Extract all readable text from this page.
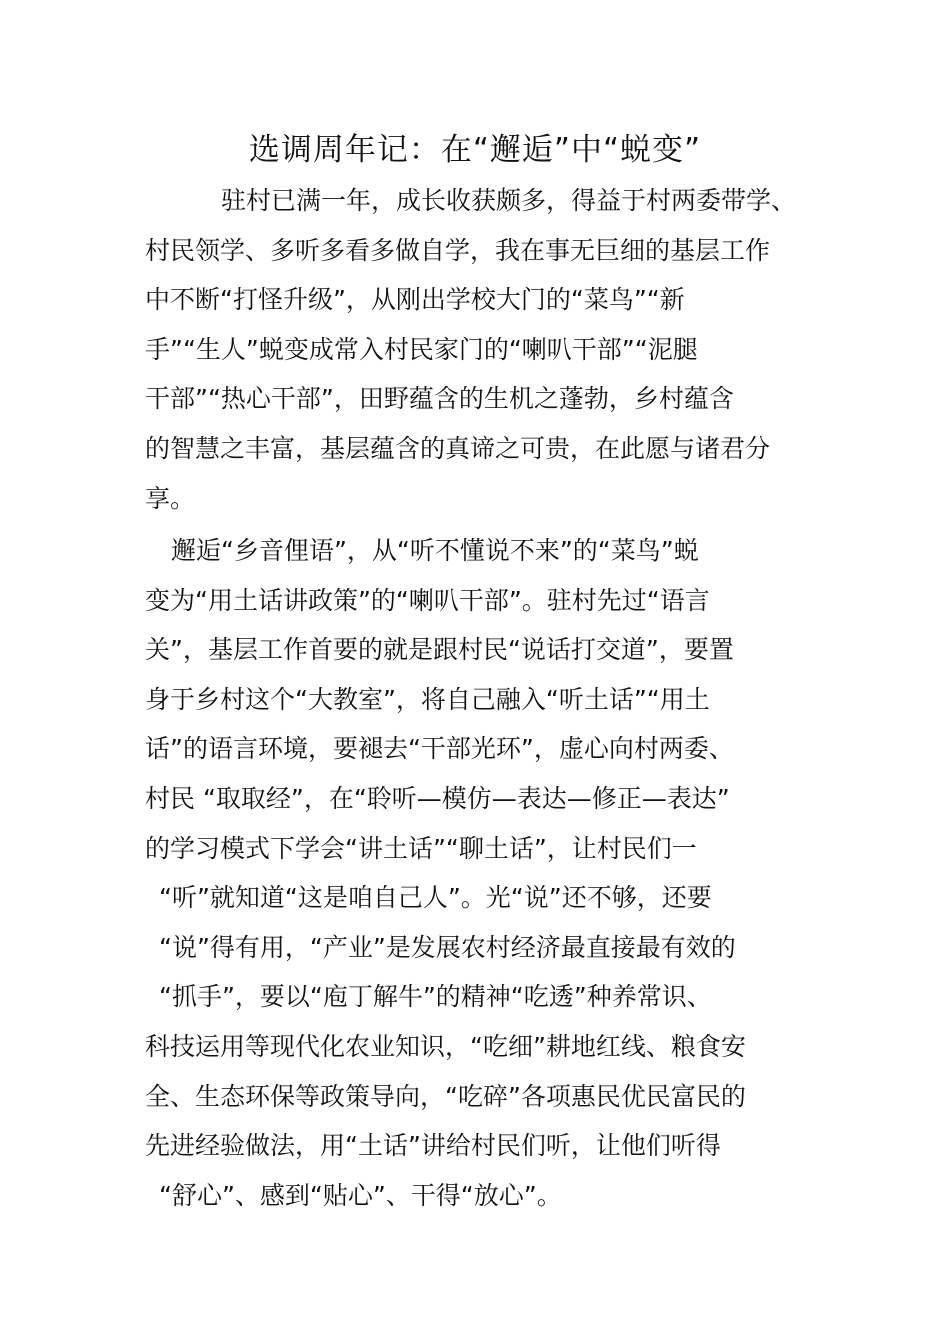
选调周年记：在“邂逅”中“蜕变”
驻村已满一年，成长收获颇多，得益于村两委带学、
村民领学、多听多看多做自学，我在事无巨细的基层工作
中不断“打怪升级”，从刚出学校大门的“菜鸟”“新
手”“生人”蜕变成常入村民家门的“喇叭干部”“泥腿
干部”“热心干部”，田野蕴含的生机之蓬勃，乡村蕴含
的智慧之丰富，基层蕴含的真谛之可贵，在此愿与诸君分
享。
邂逅“乡音俚语”，从“听不懂说不来”的“菜鸟”蜕
变为“用土话讲政策”的“喇叭干部”。驻村先过“语言
关”，基层工作首要的就是跟村民“说话打交道”，要置
身于乡村这个“大教室”，将自己融入“听土话”“用土
话”的语言环境，要褪去“干部光环”，虚心向村两委、
村民 “取取经”，在“聆听—模仿—表达—修正—表达”
的学习模式下学会“讲土话”“聊土话”，让村民们一
“听”就知道“这是咱自己人”。光“说”还不够，还要
“说”得有用，“产业”是发展农村经济最直接最有效的
“抓手”，要以“庖丁解牛”的精神“吃透”种养常识、
科技运用等现代化农业知识，“吃细”耕地红线、粮食安
全、生态环保等政策导向，“吃碎”各项惠民优民富民的
先进经验做法，用“土话”讲给村民们听，让他们听得
“舒心”、感到“贴心”、干得“放心”。
